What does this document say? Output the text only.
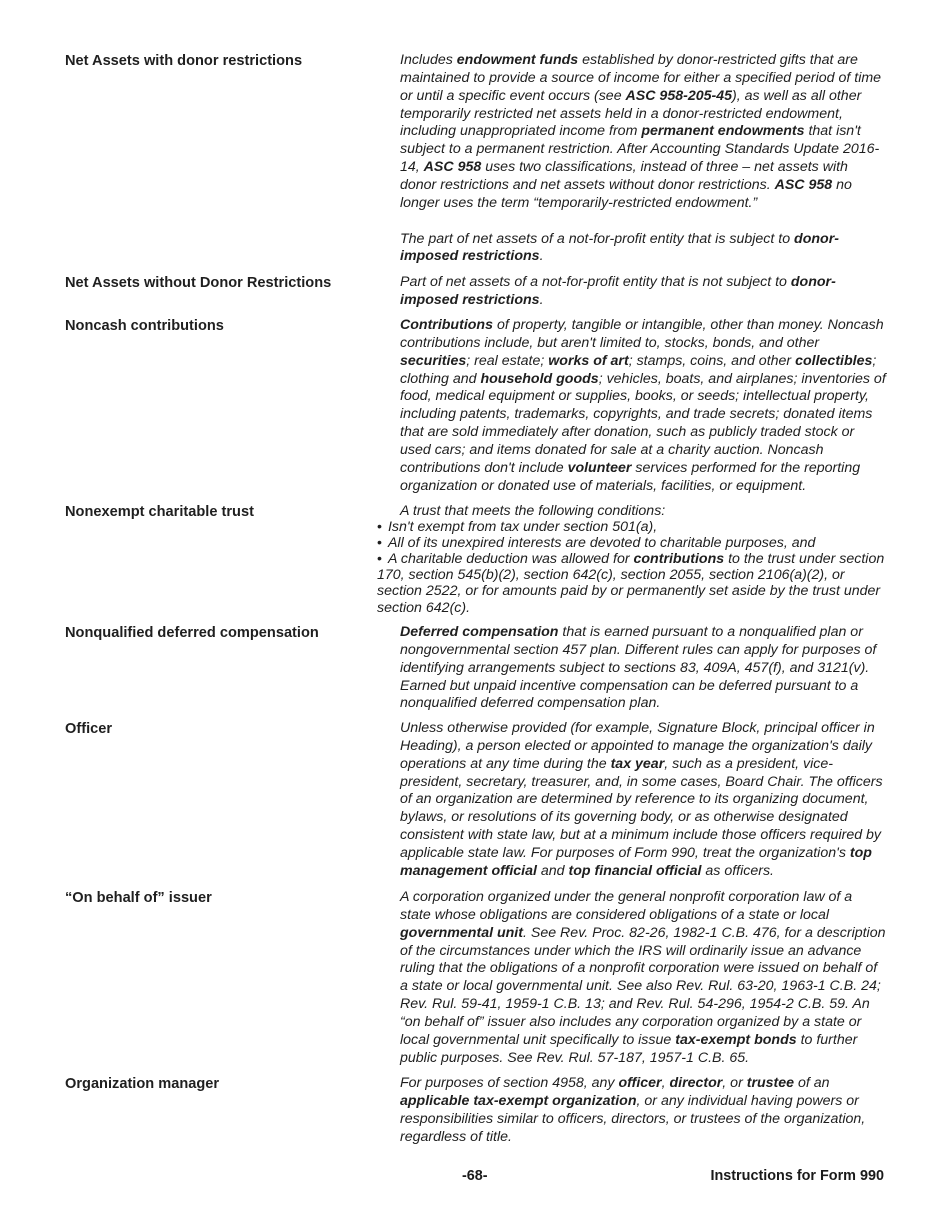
Net Assets with donor restrictions	Includes endowment funds established by donor-restricted gifts that are maintained to provide a source of income for either a specified period of time or until a specific event occurs (see ASC 958-205-45), as well as all other temporarily restricted net assets held in a donor-restricted endowment, including unappropriated income from permanent endowments that isn't subject to a permanent restriction. After Accounting Standards Update 2016-14, ASC 958 uses two classifications, instead of three – net assets with donor restrictions and net assets without donor restrictions. ASC 958 no longer uses the term “temporarily-restricted endowment.”
The part of net assets of a not-for-profit entity that is subject to donor-imposed restrictions.
Net Assets without Donor Restrictions	Part of net assets of a not-for-profit entity that is not subject to donor-imposed restrictions.
Noncash contributions	Contributions of property, tangible or intangible, other than money. Noncash contributions include, but aren't limited to, stocks, bonds, and other securities; real estate; works of art; stamps, coins, and other collectibles; clothing and household goods; vehicles, boats, and airplanes; inventories of food, medical equipment or supplies, books, or seeds; intellectual property, including patents, trademarks, copyrights, and trade secrets; donated items that are sold immediately after donation, such as publicly traded stock or used cars; and items donated for sale at a charity auction. Noncash contributions don't include volunteer services performed for the reporting organization or donated use of materials, facilities, or equipment.
Nonexempt charitable trust	A trust that meets the following conditions:
• Isn't exempt from tax under section 501(a),
• All of its unexpired interests are devoted to charitable purposes, and
• A charitable deduction was allowed for contributions to the trust under section 170, section 545(b)(2), section 642(c), section 2055, section 2106(a)(2), or section 2522, or for amounts paid by or permanently set aside by the trust under section 642(c).
Nonqualified deferred compensation	Deferred compensation that is earned pursuant to a nonqualified plan or nongovernmental section 457 plan. Different rules can apply for purposes of identifying arrangements subject to sections 83, 409A, 457(f), and 3121(v). Earned but unpaid incentive compensation can be deferred pursuant to a nonqualified deferred compensation plan.
Officer	Unless otherwise provided (for example, Signature Block, principal officer in Heading), a person elected or appointed to manage the organization's daily operations at any time during the tax year, such as a president, vice-president, secretary, treasurer, and, in some cases, Board Chair. The officers of an organization are determined by reference to its organizing document, bylaws, or resolutions of its governing body, or as otherwise designated consistent with state law, but at a minimum include those officers required by applicable state law. For purposes of Form 990, treat the organization's top management official and top financial official as officers.
“On behalf of” issuer	A corporation organized under the general nonprofit corporation law of a state whose obligations are considered obligations of a state or local governmental unit. See Rev. Proc. 82-26, 1982-1 C.B. 476, for a description of the circumstances under which the IRS will ordinarily issue an advance ruling that the obligations of a nonprofit corporation were issued on behalf of a state or local governmental unit. See also Rev. Rul. 63-20, 1963-1 C.B. 24; Rev. Rul. 59-41, 1959-1 C.B. 13; and Rev. Rul. 54-296, 1954-2 C.B. 59. An “on behalf of” issuer also includes any corporation organized by a state or local governmental unit specifically to issue tax-exempt bonds to further public purposes. See Rev. Rul. 57-187, 1957-1 C.B. 65.
Organization manager	For purposes of section 4958, any officer, director, or trustee of an applicable tax-exempt organization, or any individual having powers or responsibilities similar to officers, directors, or trustees of the organization, regardless of title.
-68-	Instructions for Form 990
